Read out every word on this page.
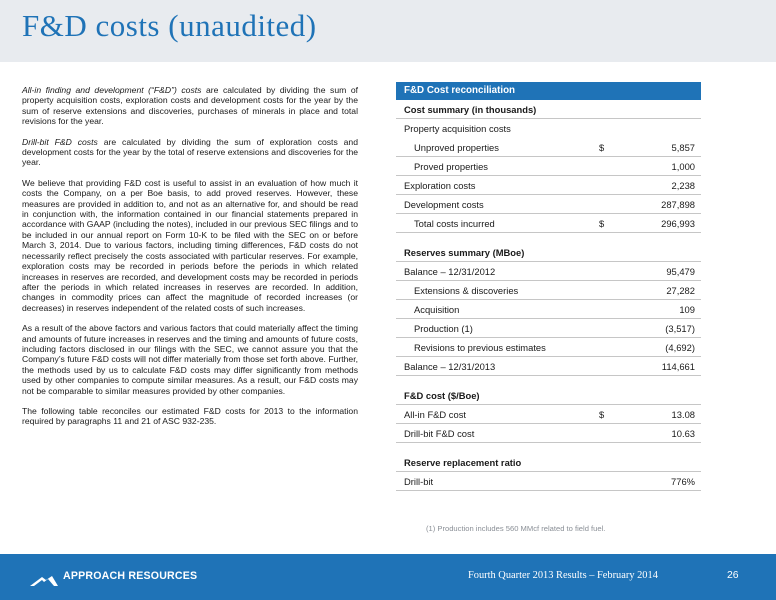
F&D costs (unaudited)

All-in finding and development (“F&D”) costs are calculated by dividing the sum of property acquisition costs, exploration costs and development costs for the year by the sum of reserve extensions and discoveries, purchases of minerals in place and total revisions for the year.

Drill-bit F&D costs are calculated by dividing the sum of exploration costs and development costs for the year by the total of reserve extensions and discoveries for the year.

We believe that providing F&D cost is useful to assist in an evaluation of how much it costs the Company, on a per Boe basis, to add proved reserves. However, these measures are provided in addition to, and not as an alternative for, and should be read in conjunction with, the information contained in our financial statements prepared in accordance with GAAP (including the notes), included in our previous SEC filings and to be included in our annual report on Form 10-K to be filed with the SEC on or before March 3, 2014. Due to various factors, including timing differences, F&D costs do not necessarily reflect precisely the costs associated with particular reserves. For example, exploration costs may be recorded in periods before the periods in which related increases in reserves are recorded, and development costs may be recorded in periods after the periods in which related increases in reserves are recorded. In addition, changes in commodity prices can affect the magnitude of recorded increases (or decreases) in reserves independent of the related costs of such increases.

As a result of the above factors and various factors that could materially affect the timing and amounts of future increases in reserves and the timing and amounts of future costs, including factors disclosed in our filings with the SEC, we cannot assure you that the Company’s future F&D costs will not differ materially from those set forth above. Further, the methods used by us to calculate F&D costs may differ significantly from methods used by other companies to compute similar measures. As a result, our F&D costs may not be comparable to similar measures provided by other companies.

The following table reconciles our estimated F&D costs for 2013 to the information required by paragraphs 11 and 21 of ASC 932-235.

F&D Cost reconciliation
Cost summary (in thousands)
Property acquisition costs
Unproved properties	$	5,857
Proved properties	1,000
Exploration costs	2,238
Development costs	287,898
Total costs incurred	$	296,993
Reserves summary (MBoe)
Balance – 12/31/2012	95,479
Extensions & discoveries	27,282
Acquisition	109
Production (1)	(3,517)
Revisions to previous estimates	(4,692)
Balance – 12/31/2013	114,661
F&D cost ($/Boe)
All-in F&D cost	$	13.08
Drill-bit F&D cost	10.63
Reserve replacement ratio
Drill-bit	776%
(1) Production includes 560 MMcf related to field fuel.
APPROACH RESOURCES	Fourth Quarter 2013 Results – February 2014	26
